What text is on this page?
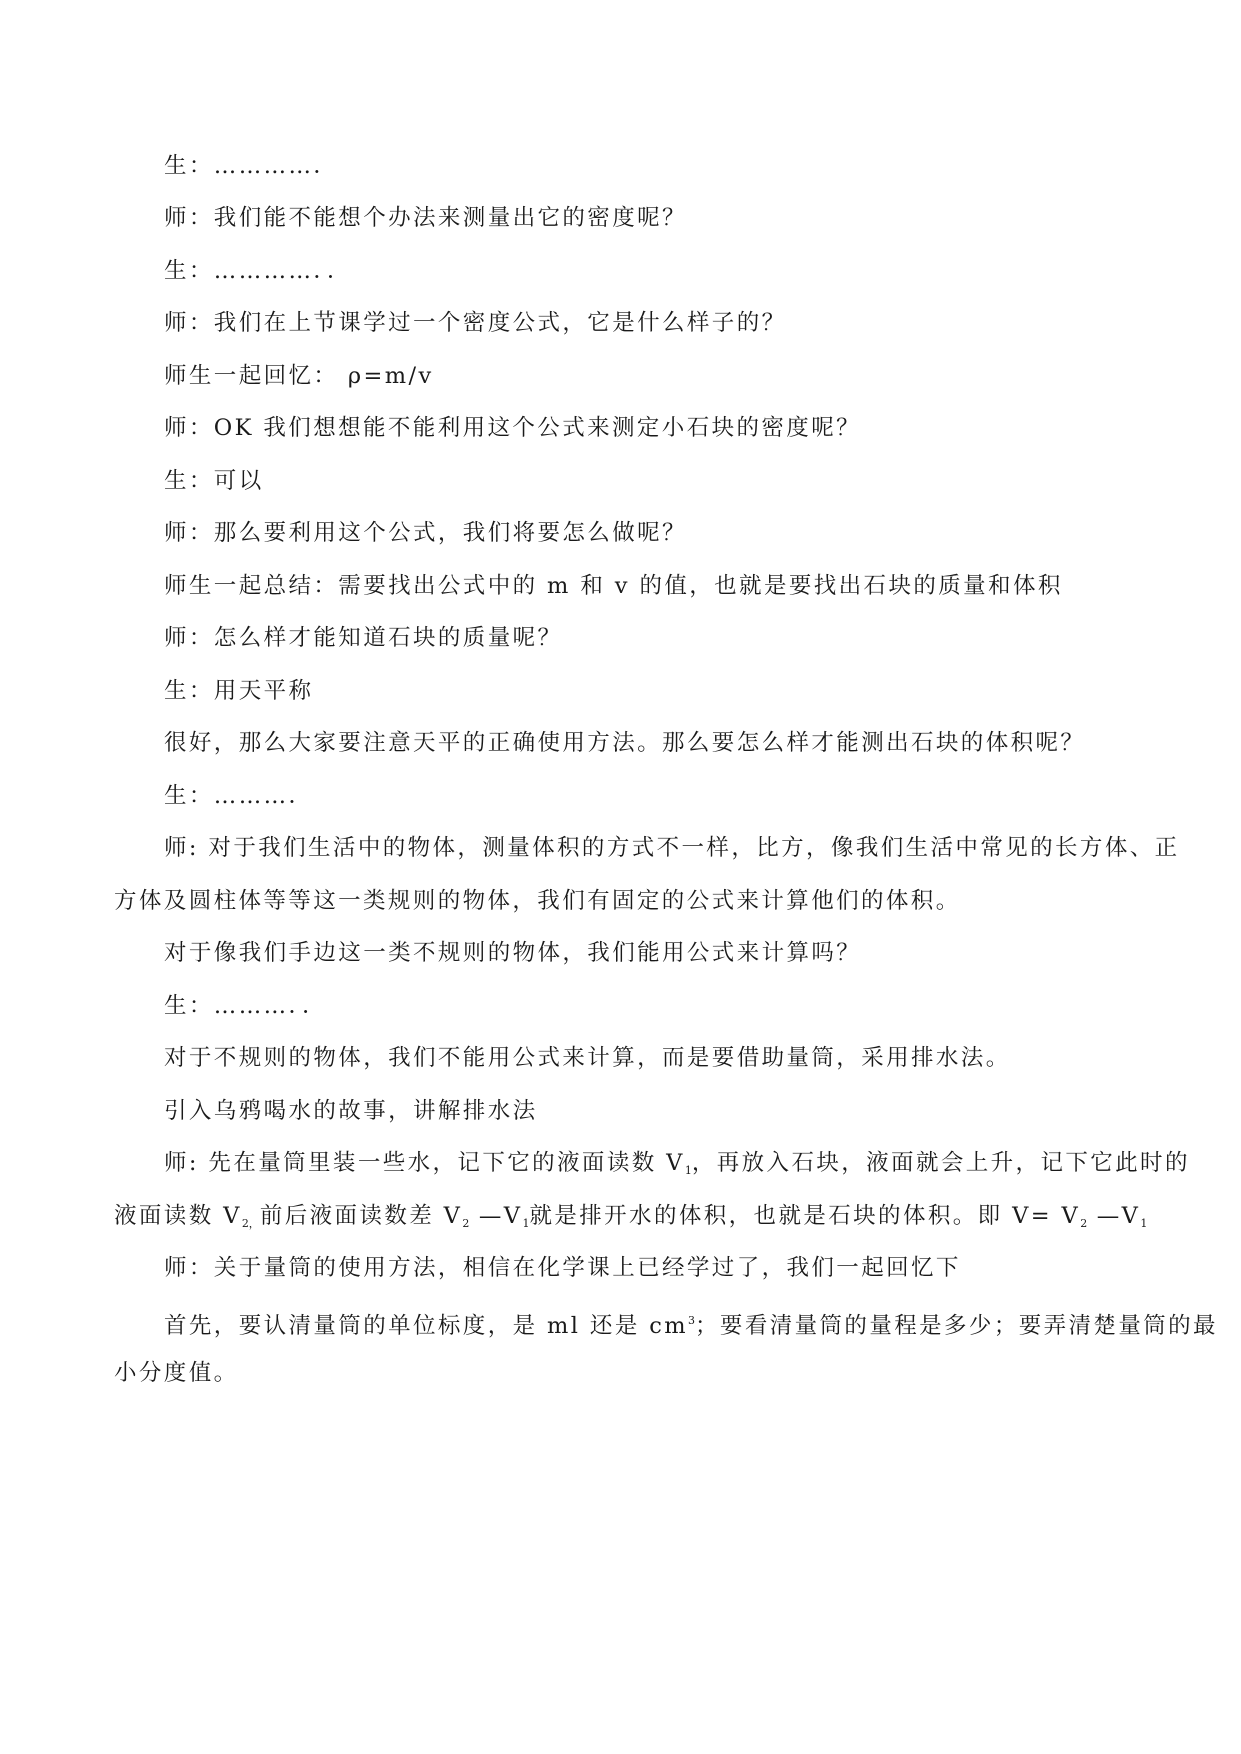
生：…………．

师：我们能不能想个办法来测量出它的密度呢？

生：…………．．

师：我们在上节课学过一个密度公式，它是什么样子的？

师生一起回忆： ρ=m/v

师：OK 我们想想能不能利用这个公式来测定小石块的密度呢？

生：可以

师：那么要利用这个公式，我们将要怎么做呢？

师生一起总结：需要找出公式中的 m 和 v 的值，也就是要找出石块的质量和体积

师：怎么样才能知道石块的质量呢？

生：用天平称

很好，那么大家要注意天平的正确使用方法。那么要怎么样才能测出石块的体积呢？

生：………．

师: 对于我们生活中的物体，测量体积的方式不一样，比方，像我们生活中常见的长方体、正

方体及圆柱体等等这一类规则的物体，我们有固定的公式来计算他们的体积。

对于像我们手边这一类不规则的物体，我们能用公式来计算吗？

生：………．．

对于不规则的物体，我们不能用公式来计算，而是要借助量筒，采用排水法。

引入乌鸦喝水的故事，讲解排水法

师: 先在量筒里装一些水，记下它的液面读数 $V_1$，再放入石块，液面就会上升，记下它此时的

液面读数 $V_{2,}$前后液面读数差 $V_2$ $—V_1$就是排开水的体积，也就是石块的体积。即 $V= V_2$ $—V_1$

师：关于量筒的使用方法，相信在化学课上已经学过了，我们一起回忆下

首先，要认清量筒的单位标度，是 ml 还是 $cm^3$；要看清量筒的量程是多少；要弄清楚量筒的最

小分度值。
